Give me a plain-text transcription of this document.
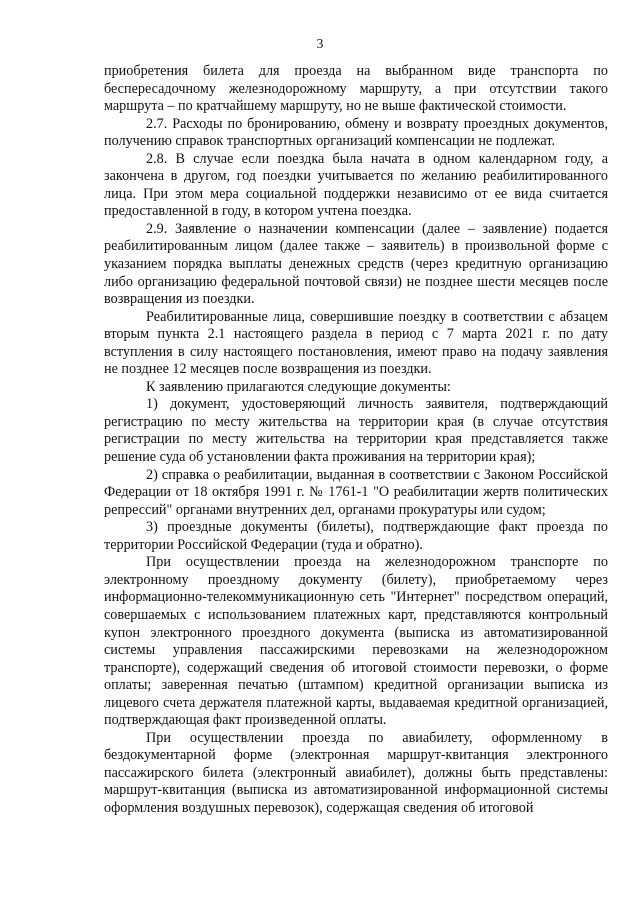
3

приобретения билета для проезда на выбранном виде транспорта по беспересадочному железнодорожному маршруту, а при отсутствии такого маршрута – по кратчайшему маршруту, но не выше фактической стоимости.

2.7. Расходы по бронированию, обмену и возврату проездных документов, получению справок транспортных организаций компенсации не подлежат.

2.8. В случае если поездка была начата в одном календарном году, а закончена в другом, год поездки учитывается по желанию реабилитированного лица. При этом мера социальной поддержки независимо от ее вида считается предоставленной в году, в котором учтена поездка.

2.9. Заявление о назначении компенсации (далее – заявление) подается реабилитированным лицом (далее также – заявитель) в произвольной форме с указанием порядка выплаты денежных средств (через кредитную организацию либо организацию федеральной почтовой связи) не позднее шести месяцев после возвращения из поездки.

Реабилитированные лица, совершившие поездку в соответствии с абзацем вторым пункта 2.1 настоящего раздела в период с 7 марта 2021 г. по дату вступления в силу настоящего постановления, имеют право на подачу заявления не позднее 12 месяцев после возвращения из поездки.

К заявлению прилагаются следующие документы:

1) документ, удостоверяющий личность заявителя, подтверждающий регистрацию по месту жительства на территории края (в случае отсутствия регистрации по месту жительства на территории края представляется также решение суда об установлении факта проживания на территории края);

2) справка о реабилитации, выданная в соответствии с Законом Российской Федерации от 18 октября 1991 г. № 1761-1 "О реабилитации жертв политических репрессий" органами внутренних дел, органами прокуратуры или судом;

3) проездные документы (билеты), подтверждающие факт проезда по территории Российской Федерации (туда и обратно).

При осуществлении проезда на железнодорожном транспорте по электронному проездному документу (билету), приобретаемому через информационно-телекоммуникационную сеть "Интернет" посредством операций, совершаемых с использованием платежных карт, представляются контрольный купон электронного проездного документа (выписка из автоматизированной системы управления пассажирскими перевозками на железнодорожном транспорте), содержащий сведения об итоговой стоимости перевозки, о форме оплаты; заверенная печатью (штампом) кредитной организации выписка из лицевого счета держателя платежной карты, выдаваемая кредитной организацией, подтверждающая факт произведенной оплаты.

При осуществлении проезда по авиабилету, оформленному в бездокументарной форме (электронная маршрут-квитанция электронного пассажирского билета (электронный авиабилет), должны быть представлены: маршрут-квитанция (выписка из автоматизированной информационной системы оформления воздушных перевозок), содержащая сведения об итоговой
